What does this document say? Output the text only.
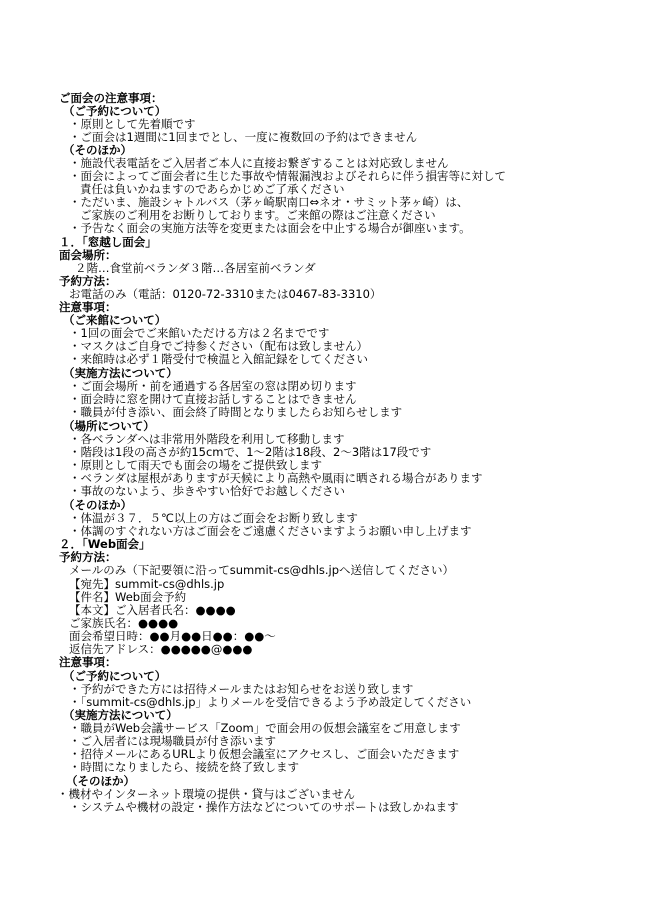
ご面会の注意事項：
（ご予約について）
・原則として先着順です
・ご面会は1週間に1回までとし、一度に複数回の予約はできません
（そのほか）
・施設代表電話をご入居者ご本人に直接お繋ぎすることは対応致しません
・面会によってご面会者に生じた事故や情報漏洩およびそれらに伴う損害等に対して
責任は負いかねますのであらかじめご了承ください
・ただいま、施設シャトルバス（茅ヶ崎駅南口⇔ネオ・サミット茅ヶ崎）は、
ご家族のご利用をお断りしております。ご来館の際はご注意ください
・予告なく面会の実施方法等を変更または面会を中止する場合が御座います。
１．「窓越し面会」
面会場所：
２階…食堂前ベランダ３階…各居室前ベランダ
予約方法：
お電話のみ（電話：0120-72-3310または0467-83-3310）
注意事項：
（ご来館について）
・1回の面会でご来館いただける方は２名までです
・マスクはご自身でご持参ください（配布は致しません）
・来館時は必ず１階受付で検温と入館記録をしてください
（実施方法について）
・ご面会場所・前を通過する各居室の窓は閉め切ります
・面会時に窓を開けて直接お話しすることはできません
・職員が付き添い、面会終了時間となりましたらお知らせします
（場所について）
・各ベランダへは非常用外階段を利用して移動します
・階段は1段の高さが約15cmで、1～2階は18段、2～3階は17段です
・原則として雨天でも面会の場をご提供致します
・ベランダは屋根がありますが天候により高熱や風雨に晒される場合があります
・事故のないよう、歩きやすい恰好でお越しください
（そのほか）
・体温が３７．５℃以上の方はご面会をお断り致します
・体調のすぐれない方はご面会をご遠慮くださいますようお願い申し上げます
２．「Web面会」
予約方法：
メールのみ（下記要領に沿ってsummit-cs@dhls.jpへ送信してください）
【宛先】summit-cs@dhls.jp
【件名】Web面会予約
【本文】ご入居者氏名：●●●●
ご家族氏名：●●●●
面会希望日時：●●月●●日●●：●●～
返信先アドレス：●●●●●@●●●
注意事項：
（ご予約について）
・予約ができた方には招待メールまたはお知らせをお送り致します
・「summit-cs@dhls.jp」よりメールを受信できるよう予め設定してください
（実施方法について）
・職員がWeb会議サービス「Zoom」で面会用の仮想会議室をご用意します
・ご入居者には現場職員が付き添います
・招待メールにあるURLより仮想会議室にアクセスし、ご面会いただきます
・時間になりましたら、接続を終了致します
（そのほか）
・機材やインターネット環境の提供・貸与はございません
・システムや機材の設定・操作方法などについてのサポートは致しかねます
